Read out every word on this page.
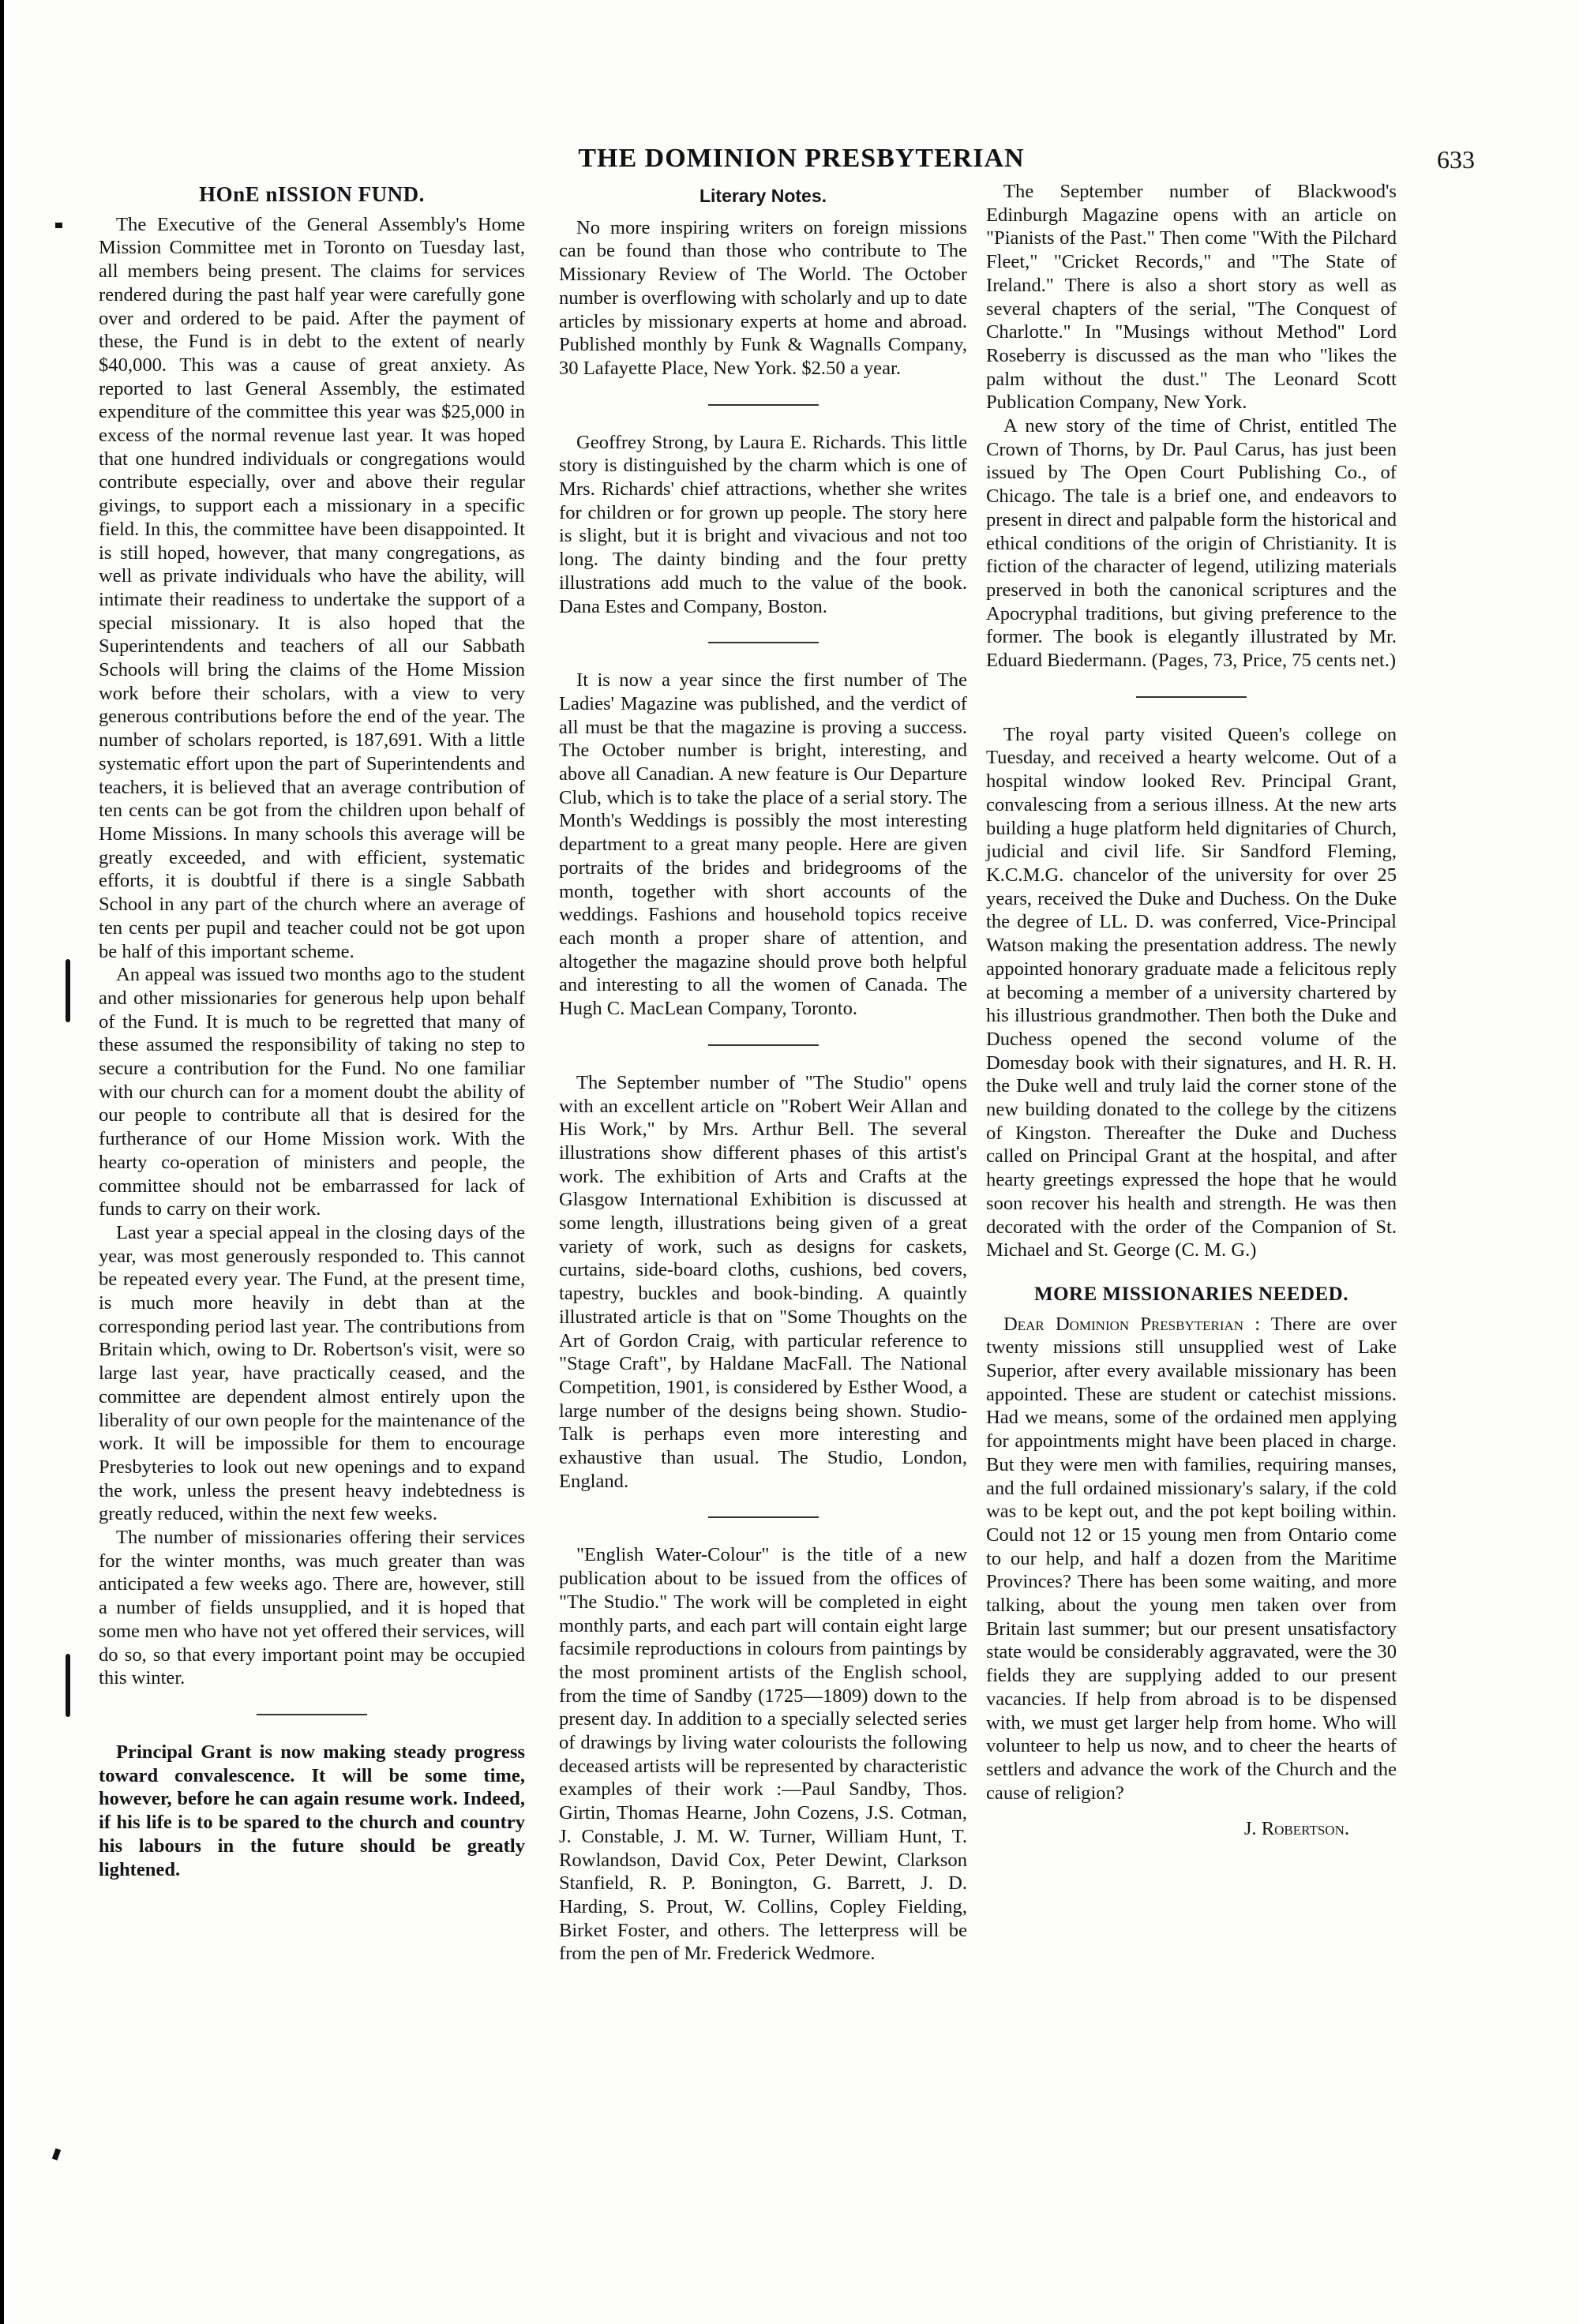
THE DOMINION PRESBYTERIAN	633
HOnE nISSION FUND.

The Executive of the General Assembly's Home Mission Committee met in Toronto on Tuesday last, all members being present. The claims for services rendered during the past half year were carefully gone over and ordered to be paid. After the payment of these, the Fund is in debt to the extent of nearly $40,000. This was a cause of great anxiety. As reported to last General Assembly, the estimated expenditure of the committee this year was $25,000 in excess of the normal revenue last year. It was hoped that one hundred individuals or congregations would contribute especially, over and above their regular givings, to support each a missionary in a specific field. In this, the committee have been disappointed. It is still hoped, however, that many congregations, as well as private individuals who have the ability, will intimate their readiness to undertake the support of a special missionary. It is also hoped that the Superintendents and teachers of all our Sabbath Schools will bring the claims of the Home Mission work before their scholars, with a view to very generous contributions before the end of the year. The number of scholars reported, is 187,691. With a little systematic effort upon the part of Superintendents and teachers, it is believed that an average contribution of ten cents can be got from the children upon behalf of Home Missions. In many schools this average will be greatly exceeded, and with efficient, systematic efforts, it is doubtful if there is a single Sabbath School in any part of the church where an average of ten cents per pupil and teacher could not be got upon be half of this important scheme.

An appeal was issued two months ago to the student and other missionaries for generous help upon behalf of the Fund. It is much to be regretted that many of these assumed the responsibility of taking no step to secure a contribution for the Fund. No one familiar with our church can for a moment doubt the ability of our people to contribute all that is desired for the furtherance of our Home Mission work. With the hearty co-operation of ministers and people, the committee should not be embarrassed for lack of funds to carry on their work.

Last year a special appeal in the closing days of the year, was most generously responded to. This cannot be repeated every year. The Fund, at the present time, is much more heavily in debt than at the corresponding period last year. The contributions from Britain which, owing to Dr. Robertson's visit, were so large last year, have practically ceased, and the committee are dependent almost entirely upon the liberality of our own people for the maintenance of the work. It will be impossible for them to encourage Presbyteries to look out new openings and to expand the work, unless the present heavy indebtedness is greatly reduced, within the next few weeks.

The number of missionaries offering their services for the winter months, was much greater than was anticipated a few weeks ago. There are, however, still a number of fields unsupplied, and it is hoped that some men who have not yet offered their services, will do so, so that every important point may be occupied this winter.

Principal Grant is now making steady progress toward convalescence. It will be some time, however, before he can again resume work. Indeed, if his life is to be spared to the church and country his labours in the future should be greatly lightened.

Literary Notes.

No more inspiring writers on foreign missions can be found than those who contribute to The Missionary Review of The World. The October number is overflowing with scholarly and up to date articles by missionary experts at home and abroad. Published monthly by Funk & Wagnalls Company, 30 Lafayette Place, New York. $2.50 a year.

Geoffrey Strong, by Laura E. Richards. This little story is distinguished by the charm which is one of Mrs. Richards' chief attractions, whether she writes for children or for grown up people. The story here is slight, but it is bright and vivacious and not too long. The dainty binding and the four pretty illustrations add much to the value of the book. Dana Estes and Company, Boston.

It is now a year since the first number of The Ladies' Magazine was published, and the verdict of all must be that the magazine is proving a success. The October number is bright, interesting, and above all Canadian. A new feature is Our Departure Club, which is to take the place of a serial story. The Month's Weddings is possibly the most interesting department to a great many people. Here are given portraits of the brides and bridegrooms of the month, together with short accounts of the weddings. Fashions and household topics receive each month a proper share of attention, and altogether the magazine should prove both helpful and interesting to all the women of Canada. The Hugh C. MacLean Company, Toronto.

The September number of "The Studio" opens with an excellent article on "Robert Weir Allan and His Work," by Mrs. Arthur Bell. The several illustrations show different phases of this artist's work. The exhibition of Arts and Crafts at the Glasgow International Exhibition is discussed at some length, illustrations being given of a great variety of work, such as designs for caskets, curtains, side-board cloths, cushions, bed covers, tapestry, buckles and book-binding. A quaintly illustrated article is that on "Some Thoughts on the Art of Gordon Craig, with particular reference to "Stage Craft", by Haldane MacFall. The National Competition, 1901, is considered by Esther Wood, a large number of the designs being shown. Studio-Talk is perhaps even more interesting and exhaustive than usual. The Studio, London, England.

"English Water-Colour" is the title of a new publication about to be issued from the offices of "The Studio." The work will be completed in eight monthly parts, and each part will contain eight large facsimile reproductions in colours from paintings by the most prominent artists of the English school, from the time of Sandby (1725—1809) down to the present day. In addition to a specially selected series of drawings by living water colourists the following deceased artists will be represented by characteristic examples of their work :—Paul Sandby, Thos. Girtin, Thomas Hearne, John Cozens, J.S. Cotman, J. Constable, J. M. W. Turner, William Hunt, T. Rowlandson, David Cox, Peter Dewint, Clarkson Stanfield, R. P. Bonington, G. Barrett, J. D. Harding, S. Prout, W. Collins, Copley Fielding, Birket Foster, and others. The letterpress will be from the pen of Mr. Frederick Wedmore.

The September number of Blackwood's Edinburgh Magazine opens with an article on "Pianists of the Past." Then come "With the Pilchard Fleet," "Cricket Records," and "The State of Ireland." There is also a short story as well as several chapters of the serial, "The Conquest of Charlotte." In "Musings without Method" Lord Roseberry is discussed as the man who "likes the palm without the dust." The Leonard Scott Publication Company, New York.

A new story of the time of Christ, entitled The Crown of Thorns, by Dr. Paul Carus, has just been issued by The Open Court Publishing Co., of Chicago. The tale is a brief one, and endeavors to present in direct and palpable form the historical and ethical conditions of the origin of Christianity. It is fiction of the character of legend, utilizing materials preserved in both the canonical scriptures and the Apocryphal traditions, but giving preference to the former. The book is elegantly illustrated by Mr. Eduard Biedermann. (Pages, 73, Price, 75 cents net.)

The royal party visited Queen's college on Tuesday, and received a hearty welcome. Out of a hospital window looked Rev. Principal Grant, convalescing from a serious illness. At the new arts building a huge platform held dignitaries of Church, judicial and civil life. Sir Sandford Fleming, K.C.M.G. chancelor of the university for over 25 years, received the Duke and Duchess. On the Duke the degree of LL. D. was conferred, Vice-Principal Watson making the presentation address. The newly appointed honorary graduate made a felicitous reply at becoming a member of a university chartered by his illustrious grandmother. Then both the Duke and Duchess opened the second volume of the Domesday book with their signatures, and H. R. H. the Duke well and truly laid the corner stone of the new building donated to the college by the citizens of Kingston. Thereafter the Duke and Duchess called on Principal Grant at the hospital, and after hearty greetings expressed the hope that he would soon recover his health and strength. He was then decorated with the order of the Companion of St. Michael and St. George (C. M. G.)

MORE MISSIONARIES NEEDED.

Dear Dominion Presbyterian : There are over twenty missions still unsupplied west of Lake Superior, after every available missionary has been appointed. These are student or catechist missions. Had we means, some of the ordained men applying for appointments might have been placed in charge. But they were men with families, requiring manses, and the full ordained missionary's salary, if the cold was to be kept out, and the pot kept boiling within. Could not 12 or 15 young men from Ontario come to our help, and half a dozen from the Maritime Provinces? There has been some waiting, and more talking, about the young men taken over from Britain last summer; but our present unsatisfactory state would be considerably aggravated, were the 30 fields they are supplying added to our present vacancies. If help from abroad is to be dispensed with, we must get larger help from home. Who will volunteer to help us now, and to cheer the hearts of settlers and advance the work of the Church and the cause of religion?

J. Robertson.
